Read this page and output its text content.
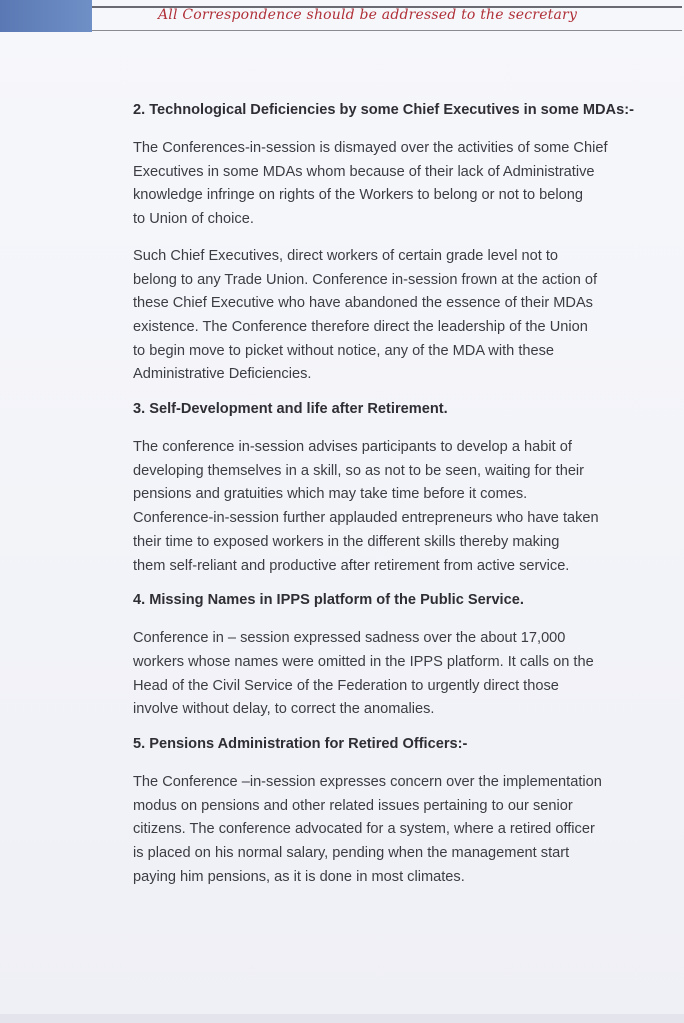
All Correspondence should be addressed to the secretary
2. Technological Deficiencies by some Chief Executives in some MDAs:-

The Conferences-in-session is dismayed over the activities of some Chief
Executives in some MDAs whom because of their lack of Administrative
knowledge infringe on rights of the Workers to belong or not to belong
to Union of choice.

Such Chief Executives, direct workers of certain grade level not to
belong to any Trade Union. Conference in-session frown at the action of
these Chief Executive who have abandoned the essence of their MDAs
existence. The Conference therefore direct the leadership of the Union
to begin move to picket without notice, any of the MDA with these
Administrative Deficiencies.

3. Self-Development and life after Retirement.

The conference in-session advises participants to develop a habit of
developing themselves in a skill, so as not to be seen, waiting for their
pensions and gratuities which may take time before it comes.
Conference-in-session further applauded entrepreneurs who have taken
their time to exposed workers in the different skills thereby making
them self-reliant and productive after retirement from active service.

4. Missing Names in IPPS platform of the Public Service.

Conference in – session expressed sadness over the about 17,000
workers whose names were omitted in the IPPS platform. It calls on the
Head of the Civil Service of the Federation to urgently direct those
involve without delay, to correct the anomalies.

5. Pensions Administration for Retired Officers:-

The Conference –in-session expresses concern over the implementation
modus on pensions and other related issues pertaining to our senior
citizens. The conference advocated for a system, where a retired officer
is placed on his normal salary, pending when the management start
paying him pensions, as it is done in most climates.
